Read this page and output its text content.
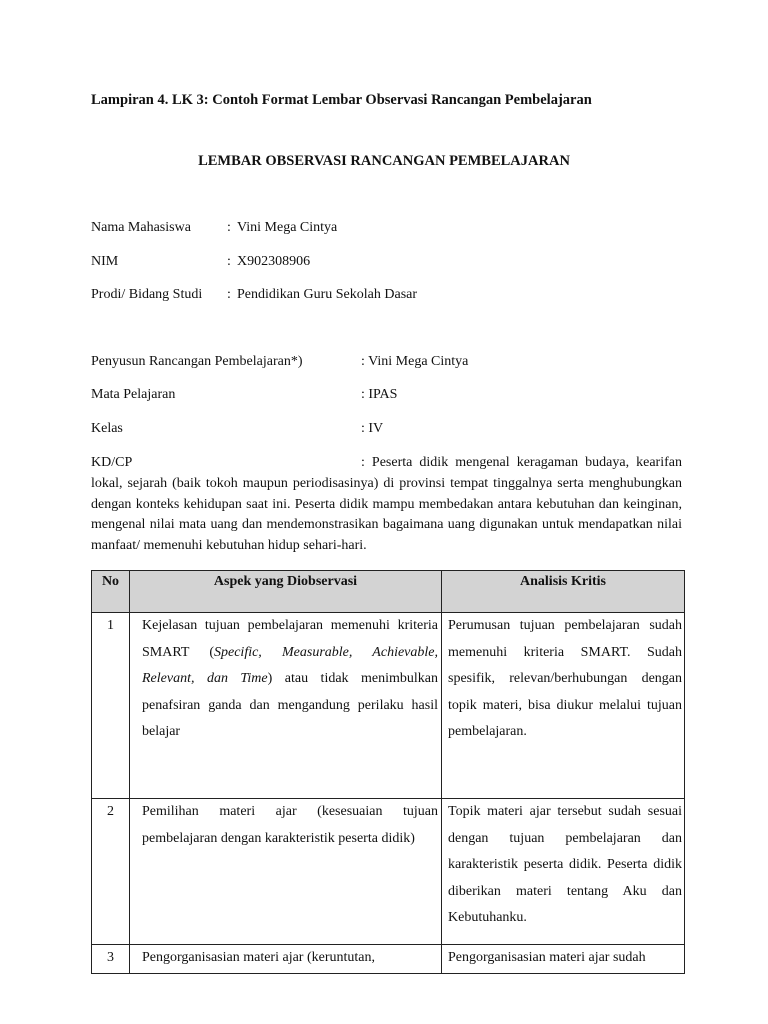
Lampiran 4. LK 3: Contoh Format Lembar Observasi Rancangan Pembelajaran
LEMBAR OBSERVASI RANCANGAN PEMBELAJARAN
Nama Mahasiswa	: Vini Mega Cintya
NIM	: X902308906
Prodi/ Bidang Studi : Pendidikan Guru Sekolah Dasar
Penyusun Rancangan Pembelajaran*)	: Vini Mega Cintya
Mata Pelajaran	: IPAS
Kelas	: IV
KD/CP	: Peserta didik mengenal keragaman budaya, kearifan lokal, sejarah (baik tokoh maupun periodisasinya) di provinsi tempat tinggalnya serta menghubungkan dengan konteks kehidupan saat ini. Peserta didik mampu membedakan antara kebutuhan dan keinginan, mengenal nilai mata uang dan mendemonstrasikan bagaimana uang digunakan untuk mendapatkan nilai manfaat/ memenuhi kebutuhan hidup sehari-hari.
No	Aspek yang Diobservasi	Analisis Kritis
1	Kejelasan tujuan pembelajaran memenuhi kriteria SMART (Specific, Measurable, Achievable, Relevant, dan Time) atau tidak menimbulkan penafsiran ganda dan mengandung perilaku hasil belajar	Perumusan tujuan pembelajaran sudah memenuhi kriteria SMART. Sudah spesifik, relevan/berhubungan dengan topik materi, bisa diukur melalui tujuan pembelajaran.
2	Pemilihan materi ajar (kesesuaian tujuan pembelajaran dengan karakteristik peserta didik)	Topik materi ajar tersebut sudah sesuai dengan tujuan pembelajaran dan karakteristik peserta didik. Peserta didik diberikan materi tentang Aku dan Kebutuhanku.
3	Pengorganisasian materi ajar (keruntutan,	Pengorganisasian materi ajar sudah
